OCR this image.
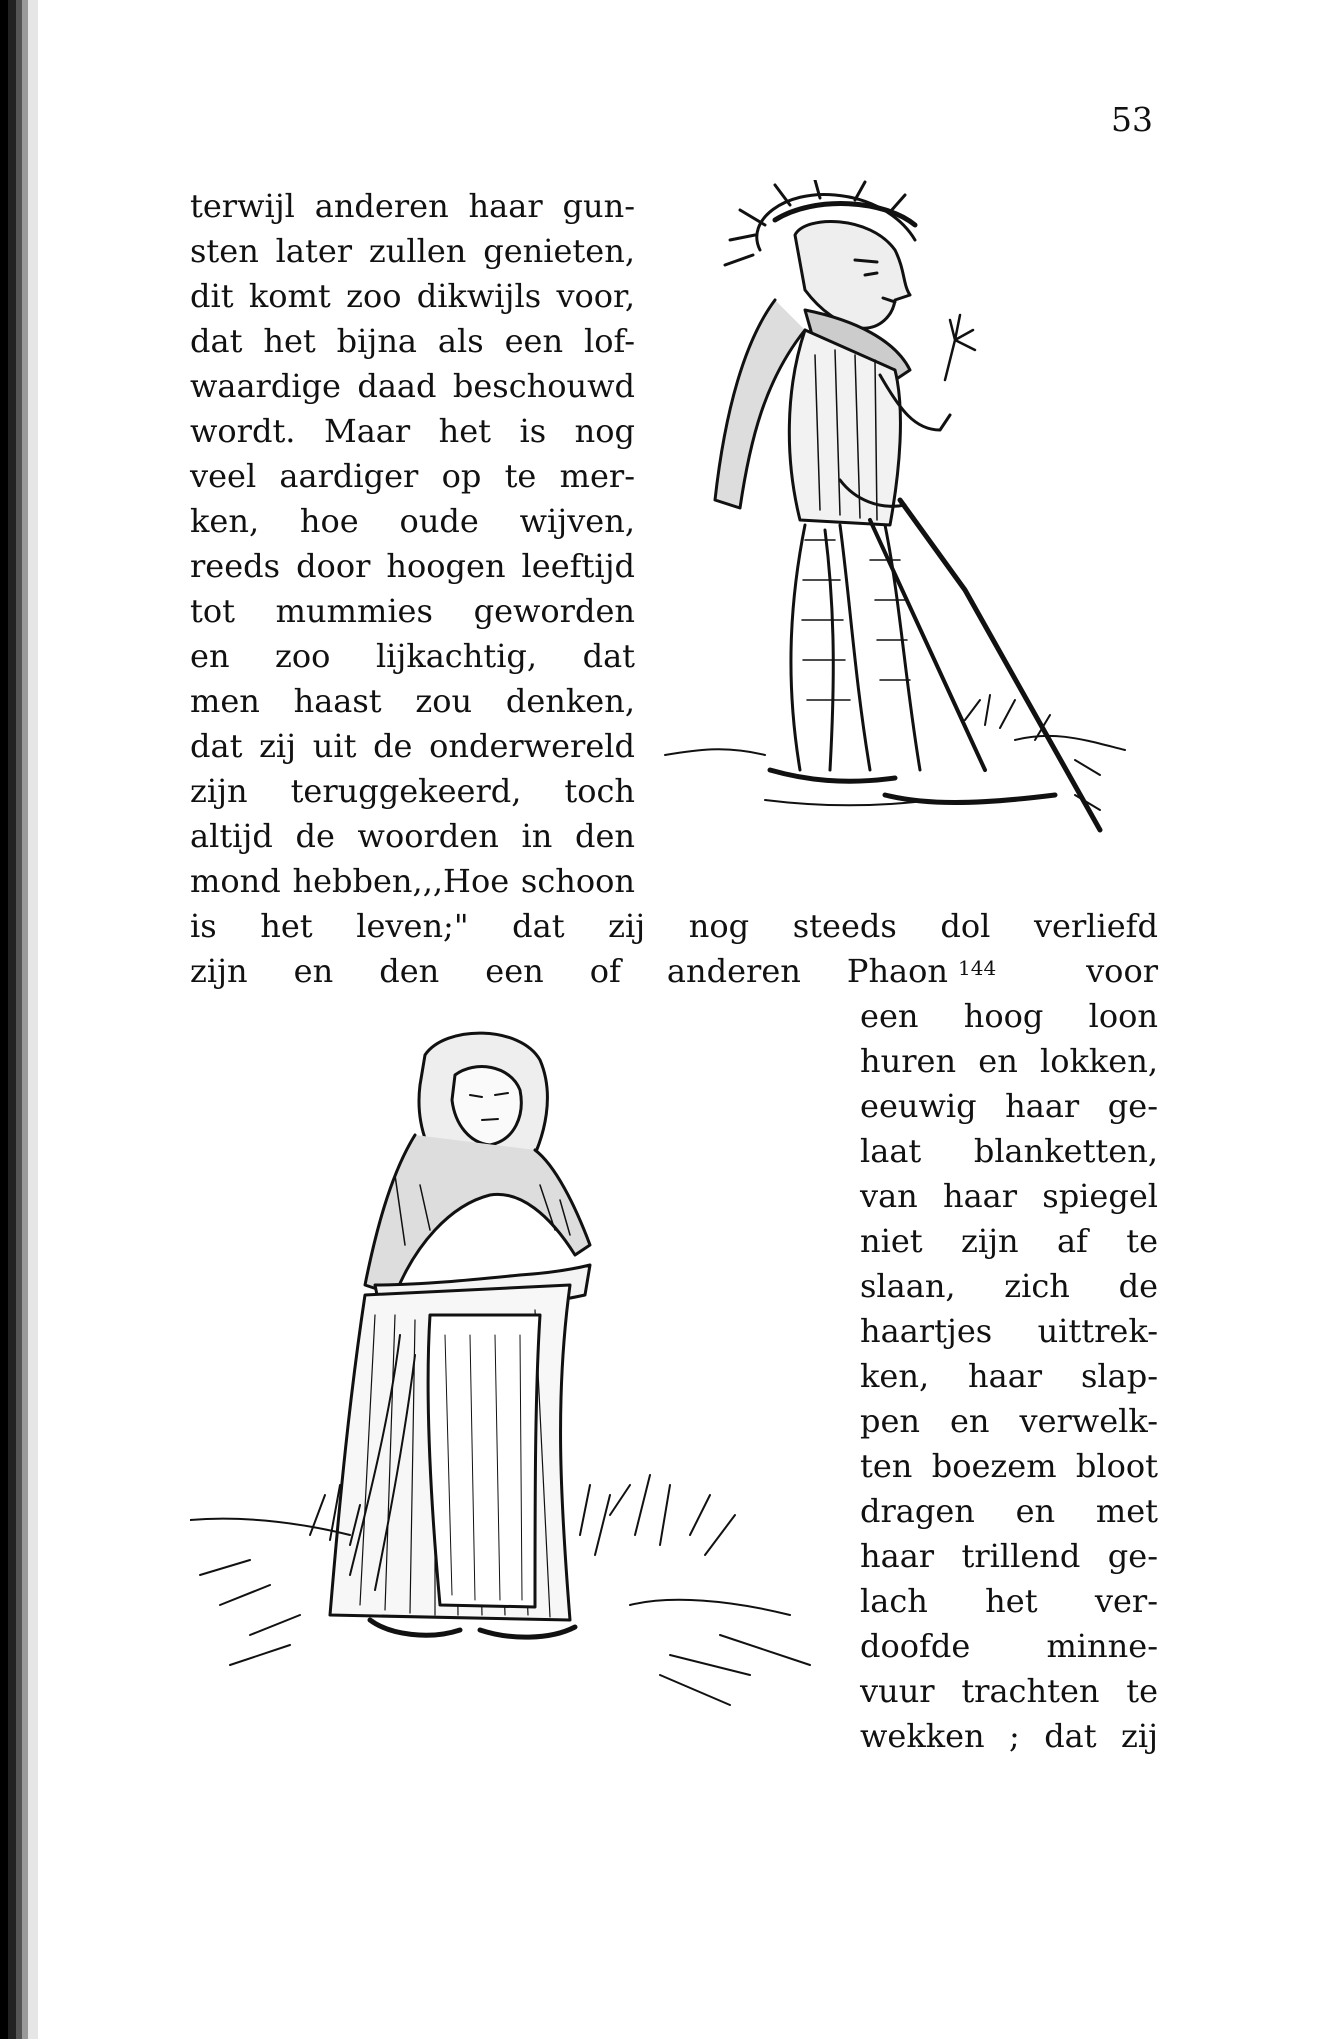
53
terwijl anderen haar gun-
sten later zullen genieten,
dit komt zoo dikwijls voor,
dat het bijna als een lof-
waardige daad beschouwd
wordt. Maar het is nog
veel aardiger op te mer-
ken, hoe oude wijven,
reeds door hoogen leeftijd
tot mummies geworden
en zoo lijkachtig, dat
men haast zou denken,
dat zij uit de onderwereld
zijn teruggekeerd, toch
altijd de woorden in den
mond hebben,,,Hoe schoon
is het leven;" dat zij nog steeds dol verliefd
zijn en den een of anderen Phaon 144	voor
een hoog loon
huren en lokken,
eeuwig haar ge-
laat blanketten,
van haar spiegel
niet zijn af te
slaan, zich de
haartjes uittrek-
ken, haar slap-
pen en verwelk-
ten boezem bloot
dragen en met
haar trillend ge-
lach het ver-
doofde minne-
vuur trachten te
wekken ; dat zij
